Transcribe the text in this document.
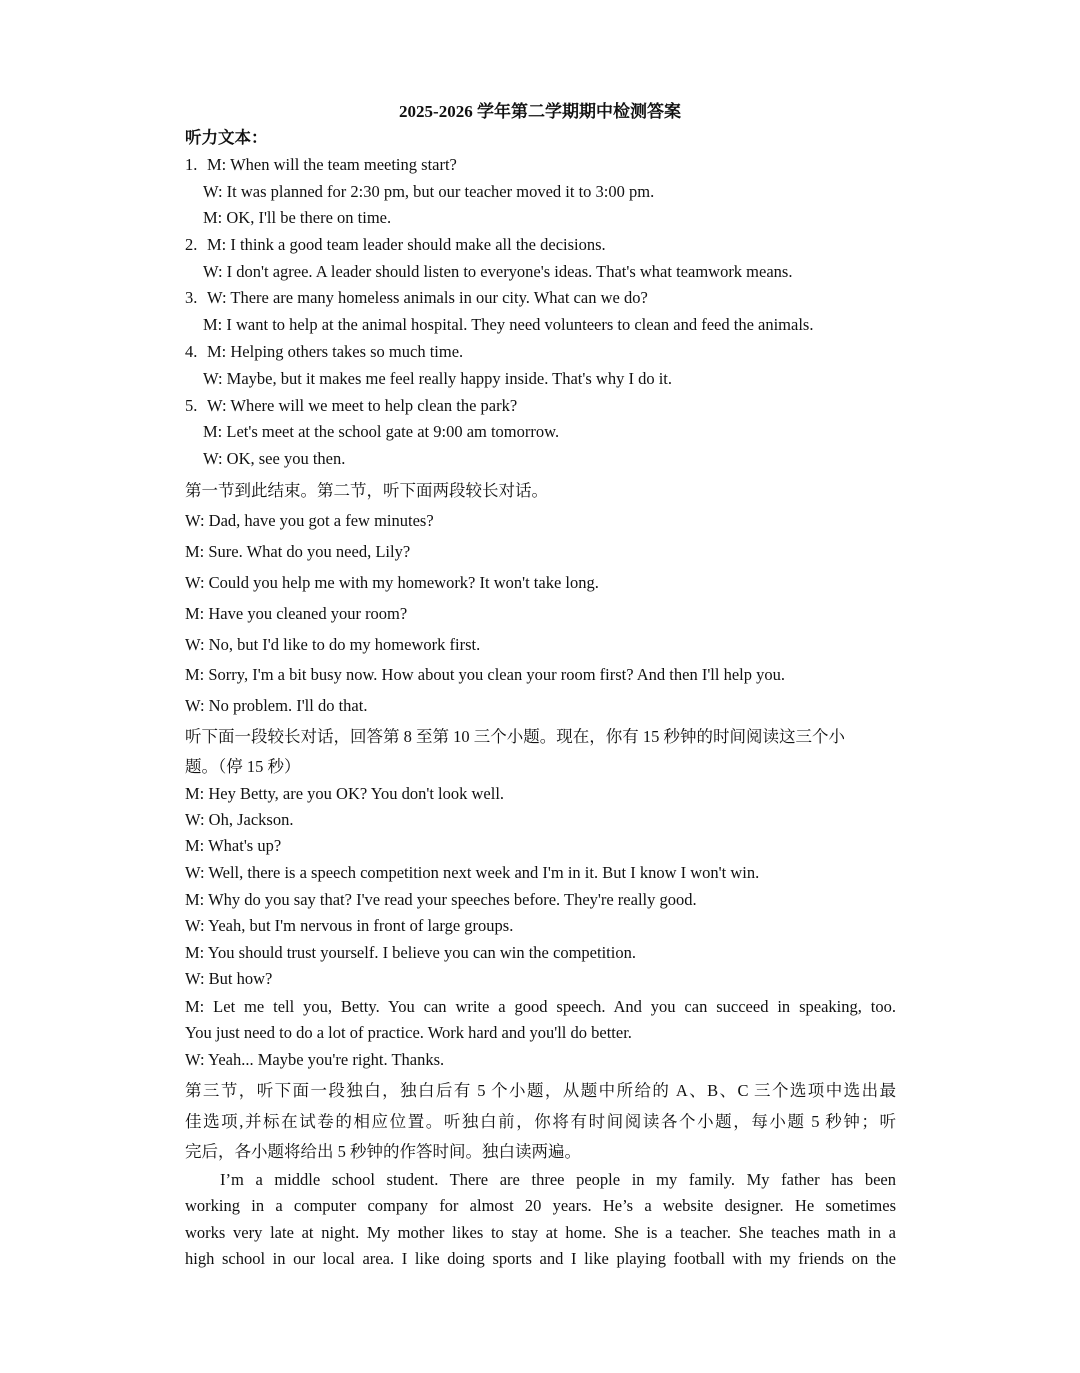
2025-2026 学年第二学期期中检测答案
听力文本：
1. M: When will the team meeting start?
W: It was planned for 2:30 pm, but our teacher moved it to 3:00 pm.
M: OK, I'll be there on time.
2. M: I think a good team leader should make all the decisions.
W: I don't agree. A leader should listen to everyone's ideas. That's what teamwork means.
3. W: There are many homeless animals in our city. What can we do?
M: I want to help at the animal hospital. They need volunteers to clean and feed the animals.
4. M: Helping others takes so much time.
W: Maybe, but it makes me feel really happy inside. That's why I do it.
5. W: Where will we meet to help clean the park?
M: Let's meet at the school gate at 9:00 am tomorrow.
W: OK, see you then.
第一节到此结束。第二节，听下面两段较长对话。
W: Dad, have you got a few minutes?
M: Sure. What do you need, Lily?
W: Could you help me with my homework? It won't take long.
M: Have you cleaned your room?
W: No, but I'd like to do my homework first.
M: Sorry, I'm a bit busy now. How about you clean your room first? And then I'll help you.
W: No problem. I'll do that.
听下面一段较长对话，回答第 8 至第 10 三个小题。现在，你有 15 秒钟的时间阅读这三个小
题。（停 15 秒）
M: Hey Betty, are you OK? You don't look well.
W: Oh, Jackson.
M: What's up?
W: Well, there is a speech competition next week and I'm in it. But I know I won't win.
M: Why do you say that? I've read your speeches before. They're really good.
W: Yeah, but I'm nervous in front of large groups.
M: You should trust yourself. I believe you can win the competition.
W: But how?
M: Let me tell you, Betty. You can write a good speech. And you can succeed in speaking, too.
You just need to do a lot of practice. Work hard and you'll do better.
W: Yeah... Maybe you're right. Thanks.
第三节，听下面一段独白，独白后有 5 个小题，从题中所给的 A、B、C 三个选项中选出最
佳选项,并标在试卷的相应位置。听独白前，你将有时间阅读各个小题，每小题 5 秒钟；听
完后，各小题将给出 5 秒钟的作答时间。独白读两遍。
I’m a middle school student. There are three people in my family. My father has been
working in a computer company for almost 20 years. He’s a website designer. He sometimes
works very late at night. My mother likes to stay at home. She is a teacher. She teaches math in a
high school in our local area. I like doing sports and I like playing football with my friends on the
